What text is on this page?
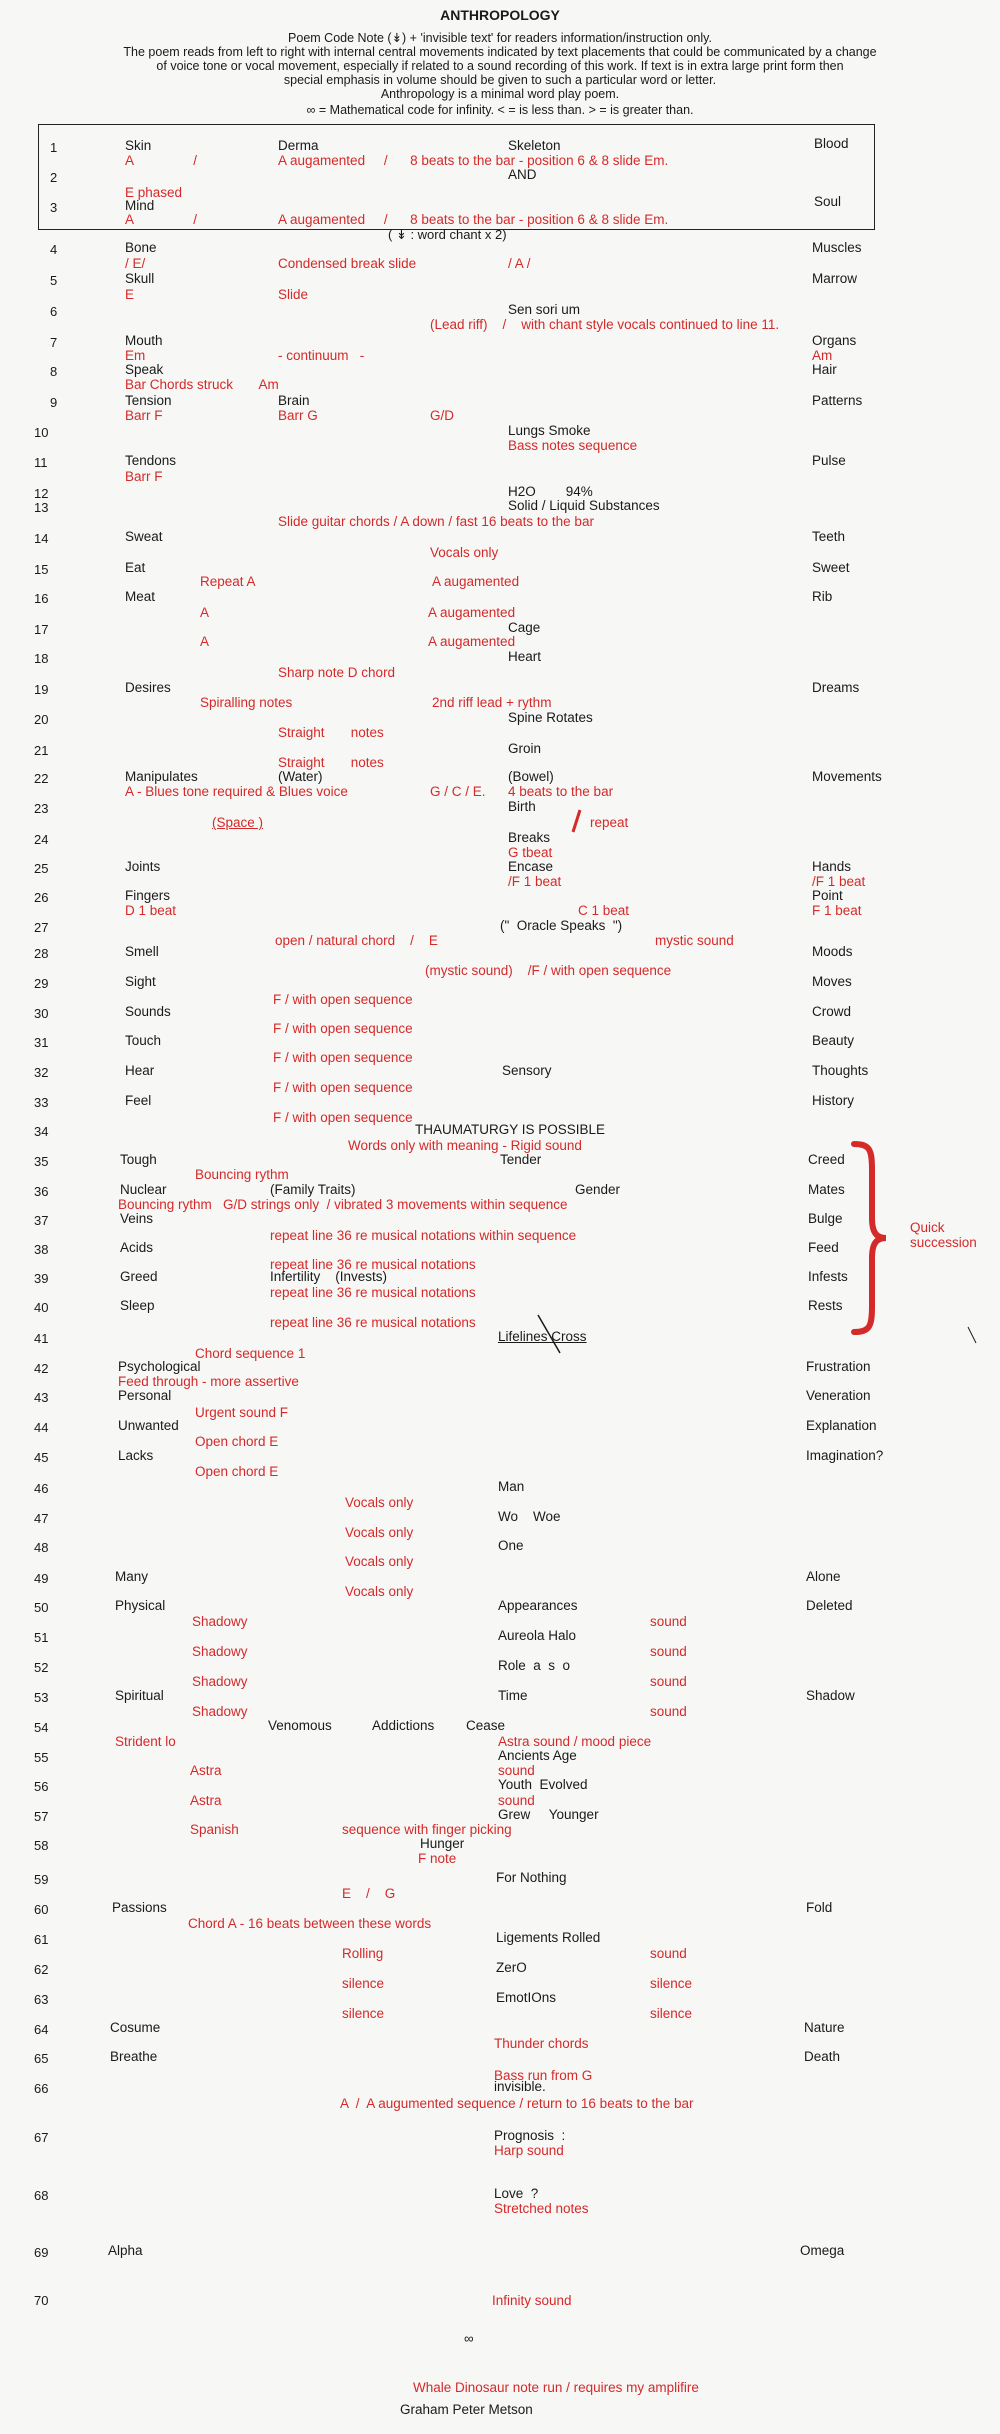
ANTHROPOLOGY
Poem Code Note (↡) + 'invisible text' for readers information/instruction only.
The poem reads from left to right with internal central movements indicated by text placements that could be communicated by a change
of voice tone or vocal movement, especially if related to a sound recording of this work. If text is in extra large print form then
special emphasis in volume should be given to such a particular word or letter.
Anthropology is a minimal word play poem.
∞ = Mathematical code for infinity. < = is less than. > = is greater than.
1	Skin	Derma	Skeleton	Blood
A                /	A augamented     /      8 beats to the bar - position 6 & 8 slide Em.
2	AND
E phased
3	Mind	Soul
A                /	A augamented     /      8 beats to the bar - position 6 & 8 slide Em.
( ↡ : word chant x 2)
4	Bone	Muscles
/ E/	Condensed break slide	/ A /
5	Skull	Marrow
E	Slide
6	Sen sori um
(Lead riff)    /    with chant style vocals continued to line 11.
7	Mouth	Organs
Em	- continuum   -	Am
8	Speak	Hair
Bar Chords struck       Am
9	Tension	Brain	Patterns
Barr F	Barr G	G/D
10	Lungs Smoke
Bass notes sequence
11	Tendons	Pulse
Barr F
12	H2O        94%
13	Solid / Liquid Substances
Slide guitar chords / A down / fast 16 beats to the bar
14	Sweat	Teeth
Vocals only
15	Eat	Sweet
Repeat A	A augamented
16	Meat	Rib
A	A augamented
17	Cage
A	A augamented
18	Heart
Sharp note D chord
19	Desires	Dreams
Spiralling notes	2nd riff lead + rythm
20	Spine Rotates
Straight       notes
21	Groin
Straight       notes
22	Manipulates	(Water)	(Bowel)	Movements
A - Blues tone required & Blues voice	G / C / E. 4 beats to the bar
23	Birth
(Space )	repeat
24	Breaks
G tbeat
25	Joints	Encase	Hands
/F 1 beat	/F 1 beat
26	Fingers	Point
D 1 beat	C 1 beat	F 1 beat
27	("  Oracle Speaks  ")
open / natural chord    /    E	mystic sound
28	Smell	Moods
(mystic sound)    /F / with open sequence
29	Sight	Moves
F / with open sequence
30	Sounds	Crowd
F / with open sequence
31	Touch	Beauty
F / with open sequence
32	Hear	Sensory	Thoughts
F / with open sequence
33	Feel	History
F / with open sequence
34	THAUMATURGY IS POSSIBLE
Words only with meaning - Rigid sound
35	Tough	Tender	Creed
Bouncing rythm
36	Nuclear	(Family Traits)	Gender	Mates
Bouncing rythm   G/D strings only  / vibrated 3 movements within sequence
37	Veins	Bulge
repeat line 36 re musical notations within sequence
38	Acids	Feed
repeat line 36 re musical notations
39	Greed	Infertility    (Invests)	Infests
repeat line 36 re musical notations
40	Sleep	Rests
repeat line 36 re musical notations
41	Lifelines Cross
Chord sequence 1
42	Psychological	Frustration
Feed through - more assertive
43	Personal	Veneration
Urgent sound F
44	Unwanted	Explanation
Open chord E
45	Lacks	Imagination?
Open chord E
46	Man
Vocals only
47	Wo    Woe
Vocals only
48	One
Vocals only
49	Many	Alone
Vocals only
50	Physical	Appearances	Deleted
Shadowy	sound
51	Aureola Halo
Shadowy	sound
52	Role  a  s  o
Shadowy	sound
53	Spiritual	Time	Shadow
Shadowy	sound
54	Venomous	Addictions Cease
Strident lo	Astra sound / mood piece
55	Ancients Age
Astra	sound
56	Youth  Evolved
Astra	sound
57	Grew     Younger
Spanish	sequence with finger picking
58	Hunger
F note
59	For Nothing
E    /    G
60	Passions	Fold
Chord A - 16 beats between these words
61	Ligements Rolled
Rolling	sound
62	ZerO
silence	silence
63	EmotIOns
silence	silence
64	Cosume	Nature
Thunder chords
65	Breathe	Death
Bass run from G
66	invisible.
A  /  A augumented sequence / return to 16 beats to the bar
67	Prognosis  :
Harp sound
68	Love  ?
Stretched notes
69	Alpha	Omega
70	Infinity sound
∞
Whale Dinosaur note run / requires my amplifire
Graham Peter Metson
Quick
succession
